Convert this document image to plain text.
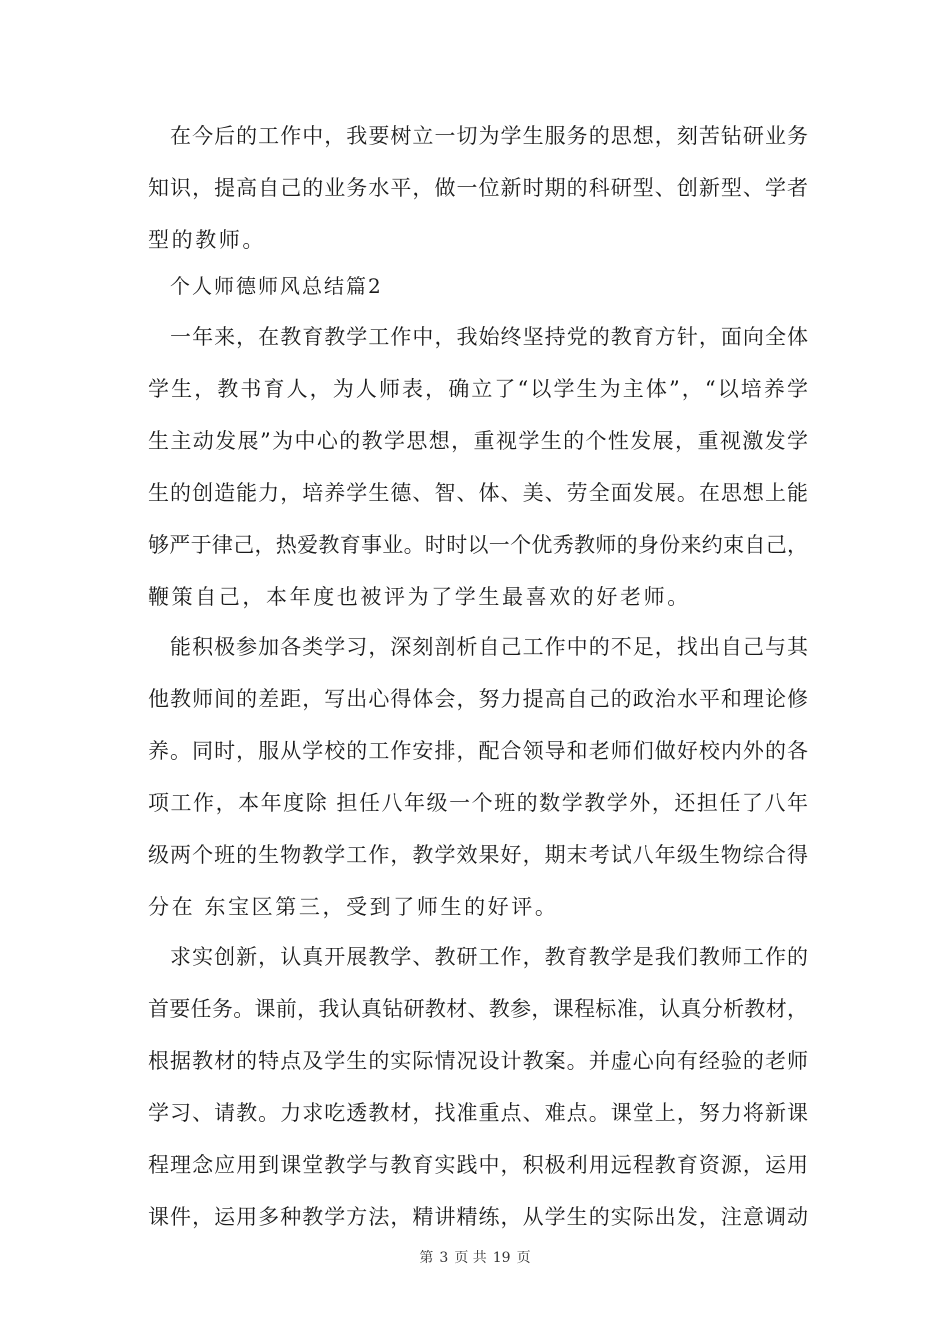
　在今后的工作中，我要树立一切为学生服务的思想，刻苦钻研业务
知识，提高自己的业务水平，做一位新时期的科研型、创新型、学者
型的教师。
　个人师德师风总结篇2
　一年来，在教育教学工作中，我始终坚持党的教育方针，面向全体
学生，教书育人，为人师表，确立了“以学生为主体”，“以培养学
生主动发展”为中心的教学思想，重视学生的个性发展，重视激发学
生的创造能力，培养学生德、智、体、美、劳全面发展。在思想上能
够严于律己，热爱教育事业。时时以一个优秀教师的身份来约束自己，
鞭策自己，本年度也被评为了学生最喜欢的好老师。
　能积极参加各类学习，深刻剖析自己工作中的不足，找出自己与其
他教师间的差距，写出心得体会，努力提高自己的政治水平和理论修
养。同时，服从学校的工作安排，配合领导和老师们做好校内外的各
项工作，本年度除 担任八年级一个班的数学教学外，还担任了八年
级两个班的生物教学工作，教学效果好，期末考试八年级生物综合得
分在 东宝区第三，受到了师生的好评。
　求实创新，认真开展教学、教研工作，教育教学是我们教师工作的
首要任务。课前，我认真钻研教材、教参，课程标准，认真分析教材，
根据教材的特点及学生的实际情况设计教案。并虚心向有经验的老师
学习、请教。力求吃透教材，找准重点、难点。课堂上，努力将新课
程理念应用到课堂教学与教育实践中，积极利用远程教育资源，运用
课件，运用多种教学方法，精讲精练，从学生的实际出发，注意调动
第 3 页 共 19 页
